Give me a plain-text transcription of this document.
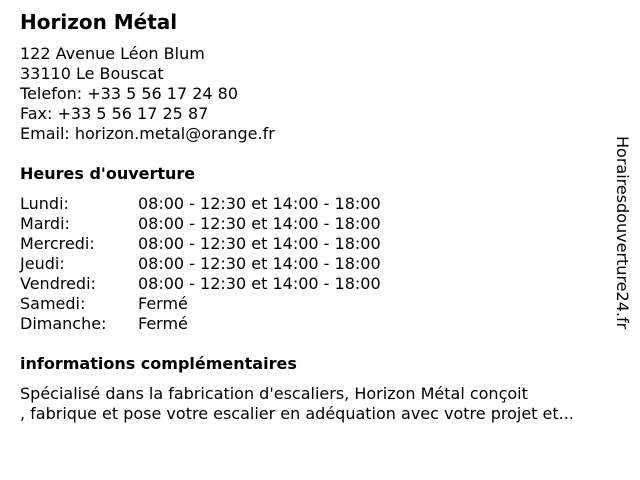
Horizon Métal
122 Avenue Léon Blum
33110 Le Bouscat
Telefon: +33 5 56 17 24 80
Fax: +33 5 56 17 25 87
Email: horizon.metal@orange.fr
Heures d'ouverture
Lundi:	08:00 - 12:30 et 14:00 - 18:00
Mardi:	08:00 - 12:30 et 14:00 - 18:00
Mercredi:	08:00 - 12:30 et 14:00 - 18:00
Jeudi:	08:00 - 12:30 et 14:00 - 18:00
Vendredi:	08:00 - 12:30 et 14:00 - 18:00
Samedi:	Fermé
Dimanche: Fermé
informations complémentaires
Spécialisé dans la fabrication d'escaliers, Horizon Métal conçoit
, fabrique et pose votre escalier en adéquation avec votre projet et...
Horairesdouverture24.fr
